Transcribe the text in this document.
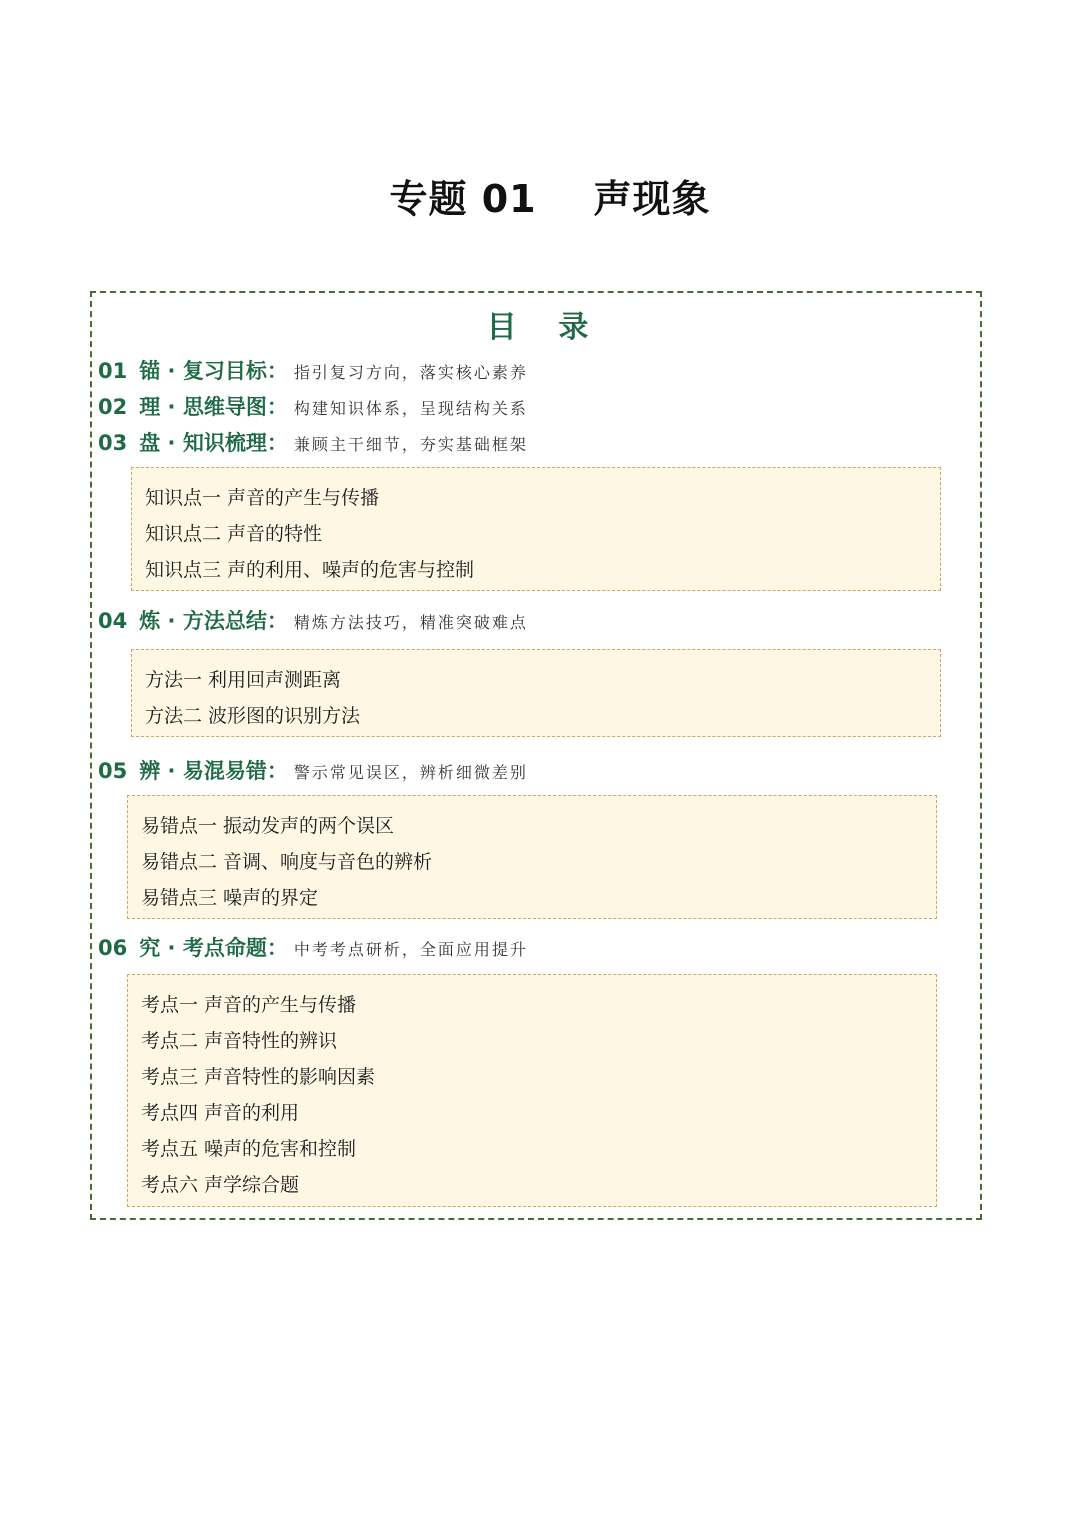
专题 01    声现象
目    录
01 锚 · 复习目标： 指引复习方向，落实核心素养
02 理 · 思维导图： 构建知识体系，呈现结构关系
03 盘 · 知识梳理： 兼顾主干细节，夯实基础框架
知识点一 声音的产生与传播
知识点二 声音的特性
知识点三 声的利用、噪声的危害与控制
04 炼 · 方法总结： 精炼方法技巧，精准突破难点
方法一 利用回声测距离
方法二 波形图的识别方法
05 辨 · 易混易错： 警示常见误区，辨析细微差别
易错点一 振动发声的两个误区
易错点二 音调、响度与音色的辨析
易错点三 噪声的界定
06 究 · 考点命题： 中考考点研析，全面应用提升
考点一 声音的产生与传播
考点二 声音特性的辨识
考点三 声音特性的影响因素
考点四 声音的利用
考点五 噪声的危害和控制
考点六 声学综合题
